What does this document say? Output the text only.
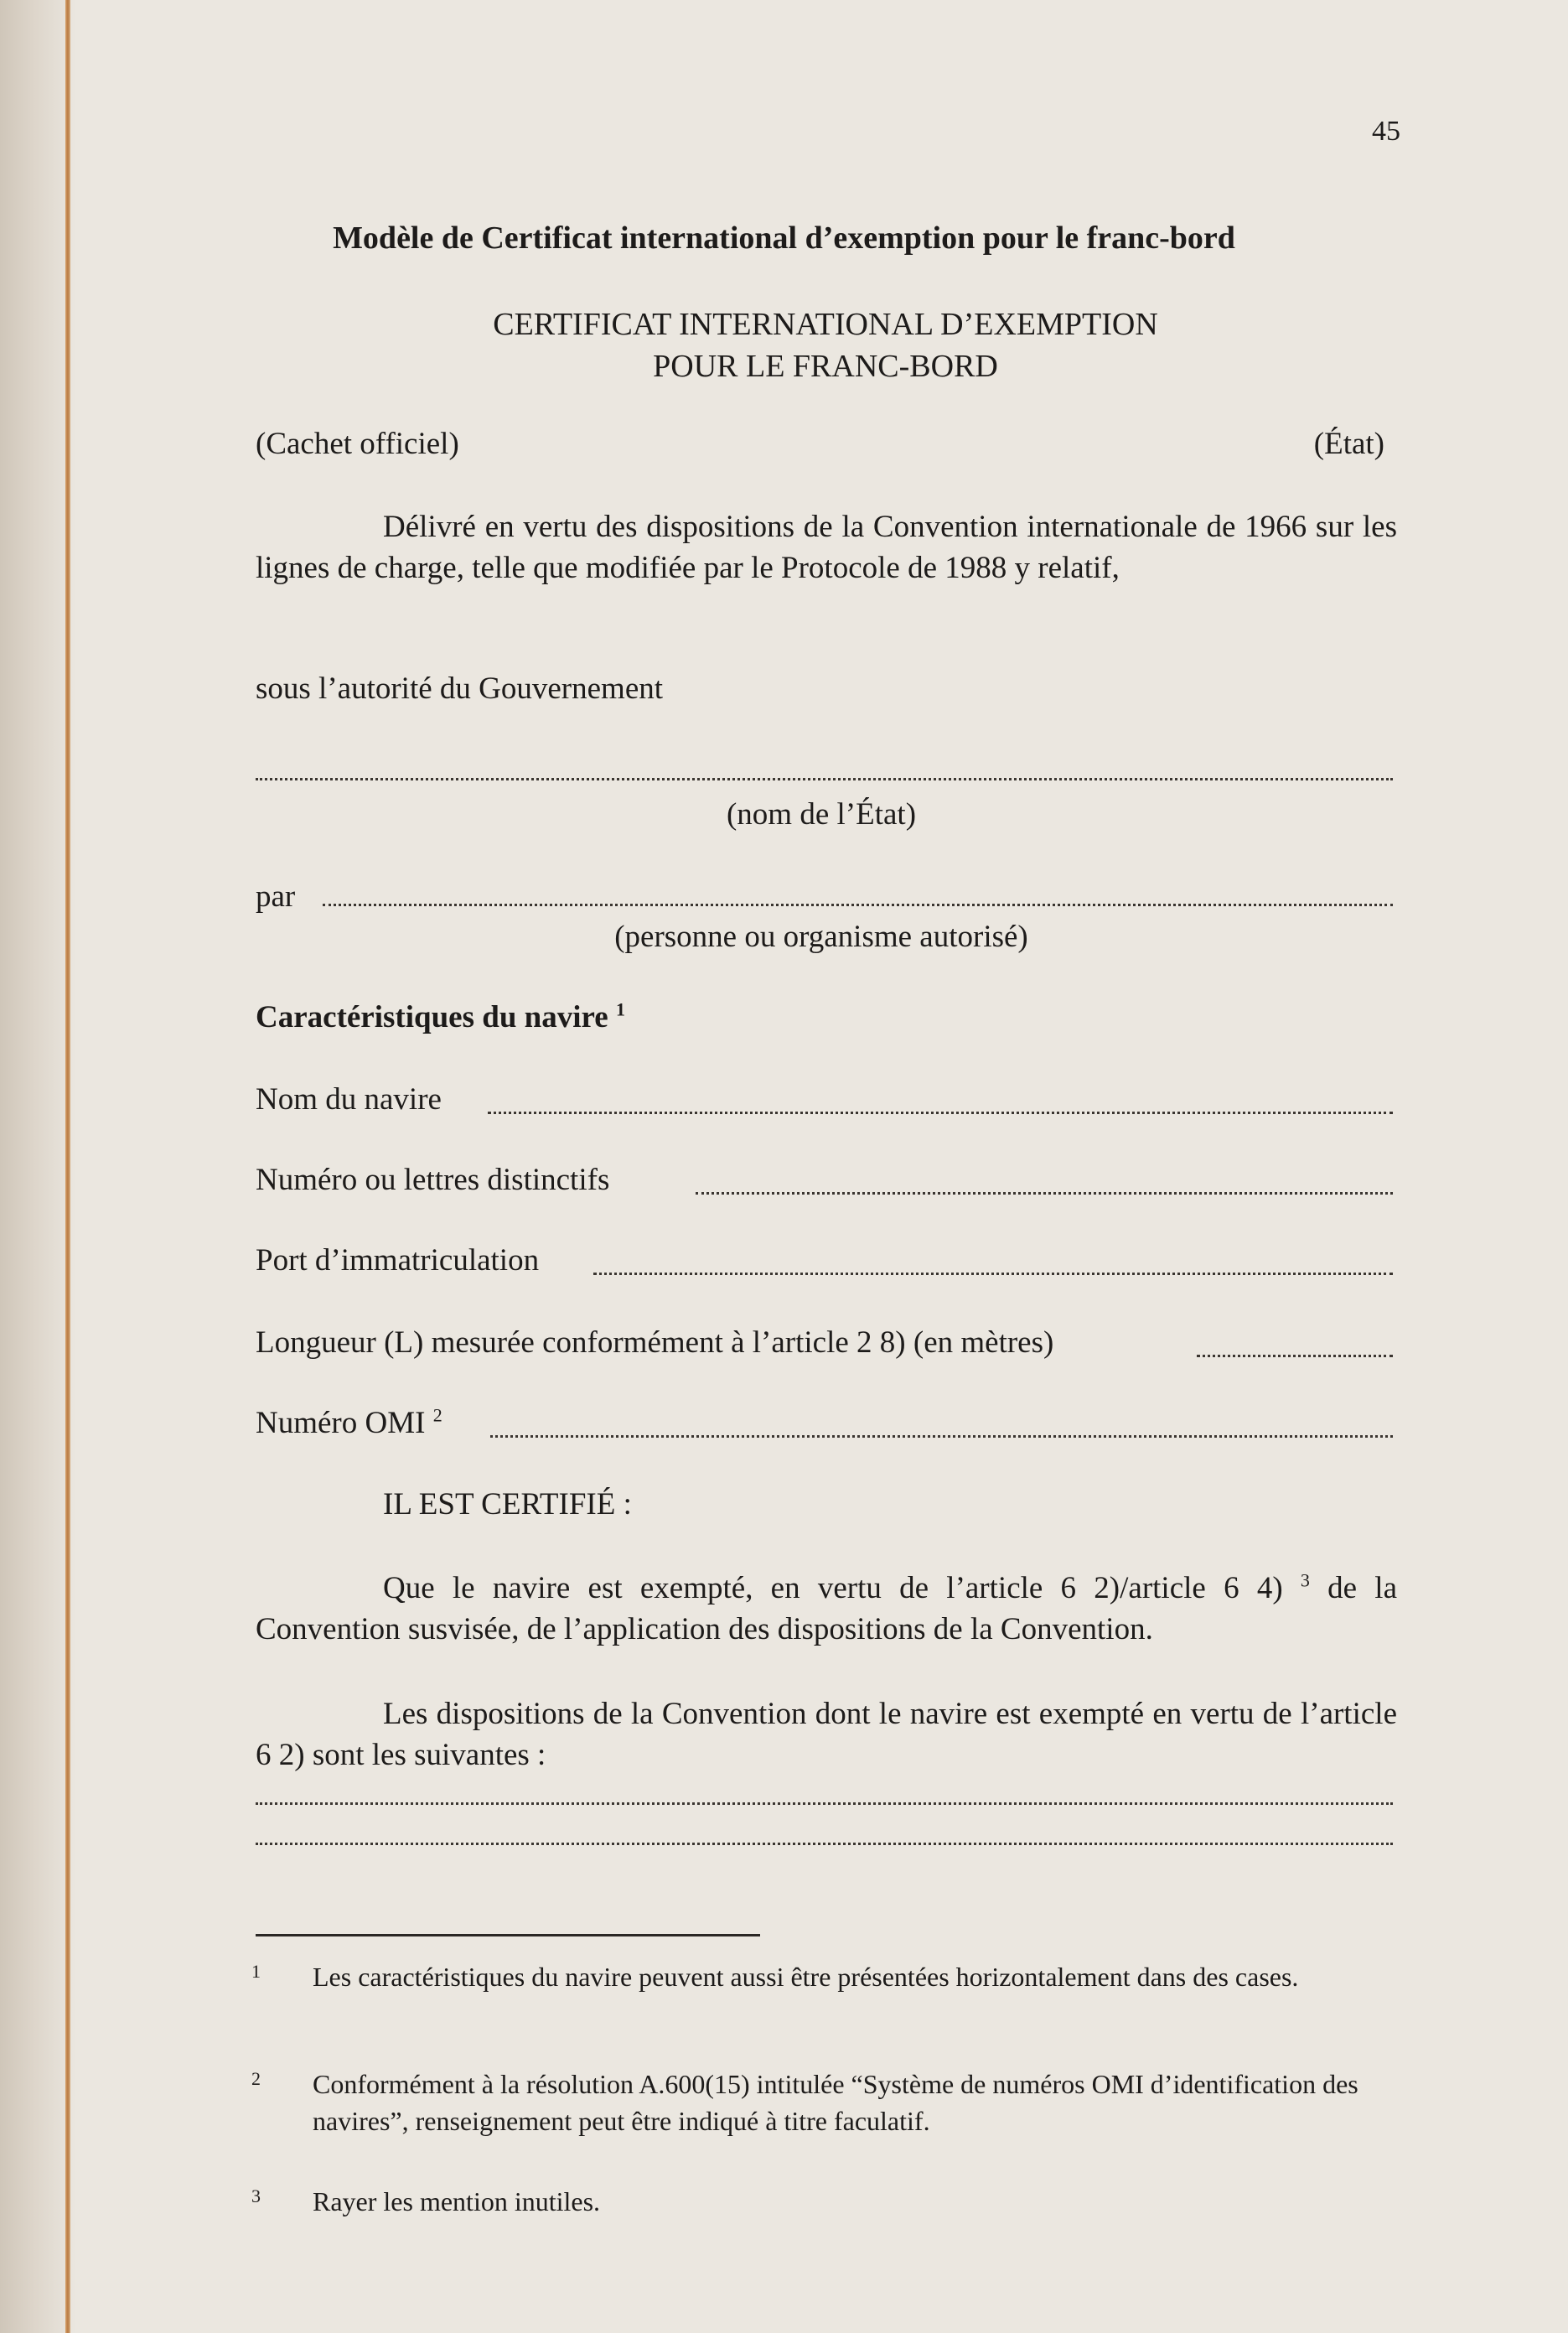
45
Modèle de Certificat international d’exemption pour le franc-bord
CERTIFICAT INTERNATIONAL D’EXEMPTION
POUR LE FRANC-BORD
(Cachet officiel)	(État)
Délivré en vertu des dispositions de la Convention internationale de 1966 sur les lignes de charge, telle que modifiée par le Protocole de 1988 y relatif,
sous l’autorité du Gouvernement
(nom de l’État)
par
(personne ou organisme autorisé)
Caractéristiques du navire $^1$
Nom du navire
Numéro ou lettres distinctifs
Port d’immatriculation
Longueur (L) mesurée conformément à l’article 2 8) (en mètres)
Numéro OMI $^2$
IL EST CERTIFIÉ :
Que le navire est exempté, en vertu de l’article 6 2)/article 6 4) $^3$ de la Convention susvisée, de l’application des dispositions de la Convention.
Les dispositions de la Convention dont le navire est exempté en vertu de l’article 6 2) sont les suivantes :
1 Les caractéristiques du navire peuvent aussi être présentées horizontalement dans des cases.
2 Conformément à la résolution A.600(15) intitulée “Système de numéros OMI d’identification des navires”, renseignement peut être indiqué à titre faculatif.
3 Rayer les mention inutiles.
